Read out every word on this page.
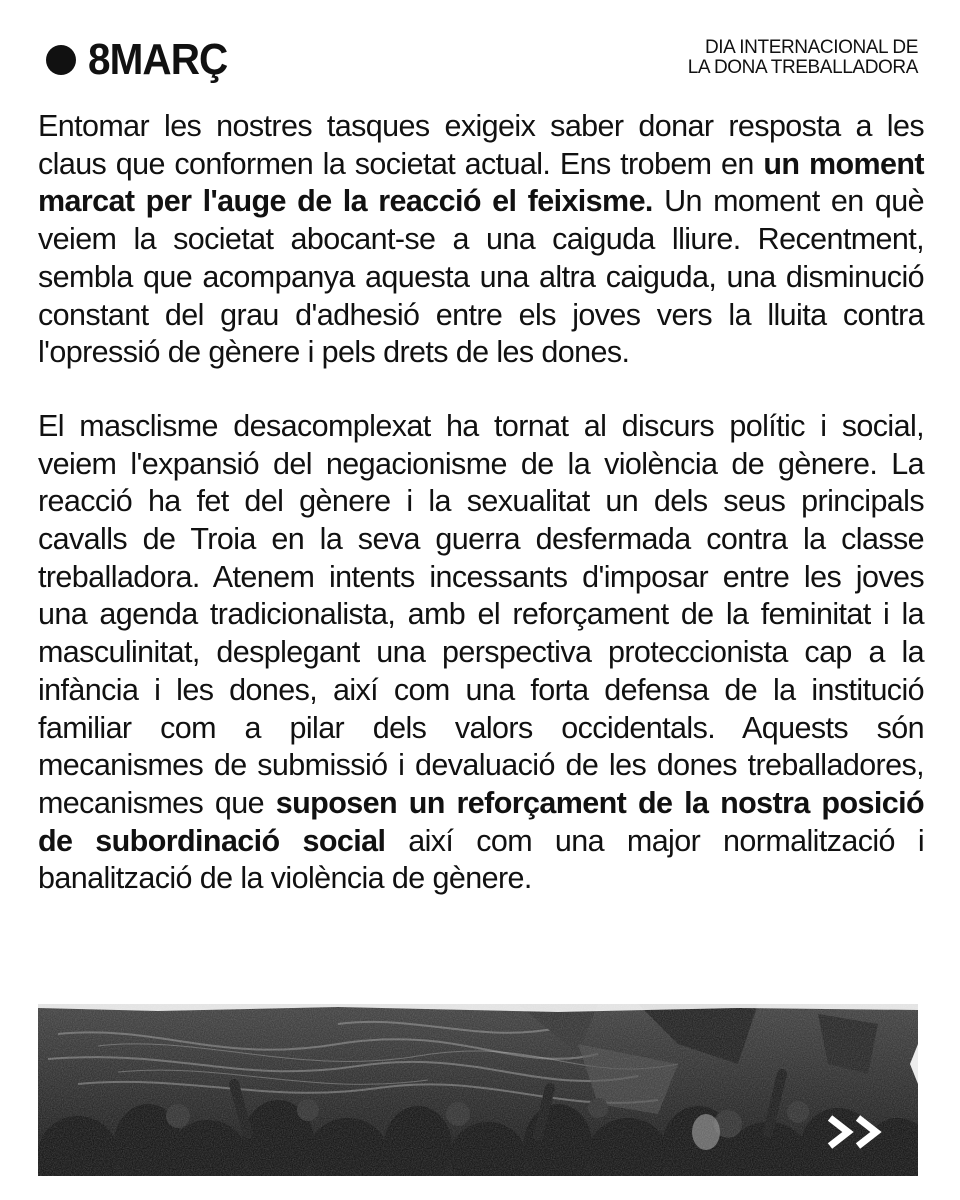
8MARÇ	DIA INTERNACIONAL DE
LA DONA TREBALLADORA

Entomar les nostres tasques exigeix saber donar resposta a les claus que conformen la societat actual. Ens trobem en un moment marcat per l'auge de la reacció el feixisme. Un moment en què veiem la societat abocant-se a una caiguda lliure. Recentment, sembla que acompanya aquesta una altra caiguda, una disminució constant del grau d'adhesió entre els joves vers la lluita contra l'opressió de gènere i pels drets de les dones.

El masclisme desacomplexat ha tornat al discurs polític i social, veiem l'expansió del negacionisme de la violència de gènere. La reacció ha fet del gènere i la sexualitat un dels seus principals cavalls de Troia en la seva guerra desfermada contra la classe treballadora. Atenem intents incessants d'imposar entre les joves una agenda tradicionalista, amb el reforçament de la feminitat i la masculinitat, desplegant una perspectiva proteccionista cap a la infància i les dones, així com una forta defensa de la institució familiar com a pilar dels valors occidentals. Aquests són mecanismes de submissió i devaluació de les dones treballadores, mecanismes que suposen un reforçament de la nostra posició de subordinació social així com una major normalització i banalització de la violència de gènere.
